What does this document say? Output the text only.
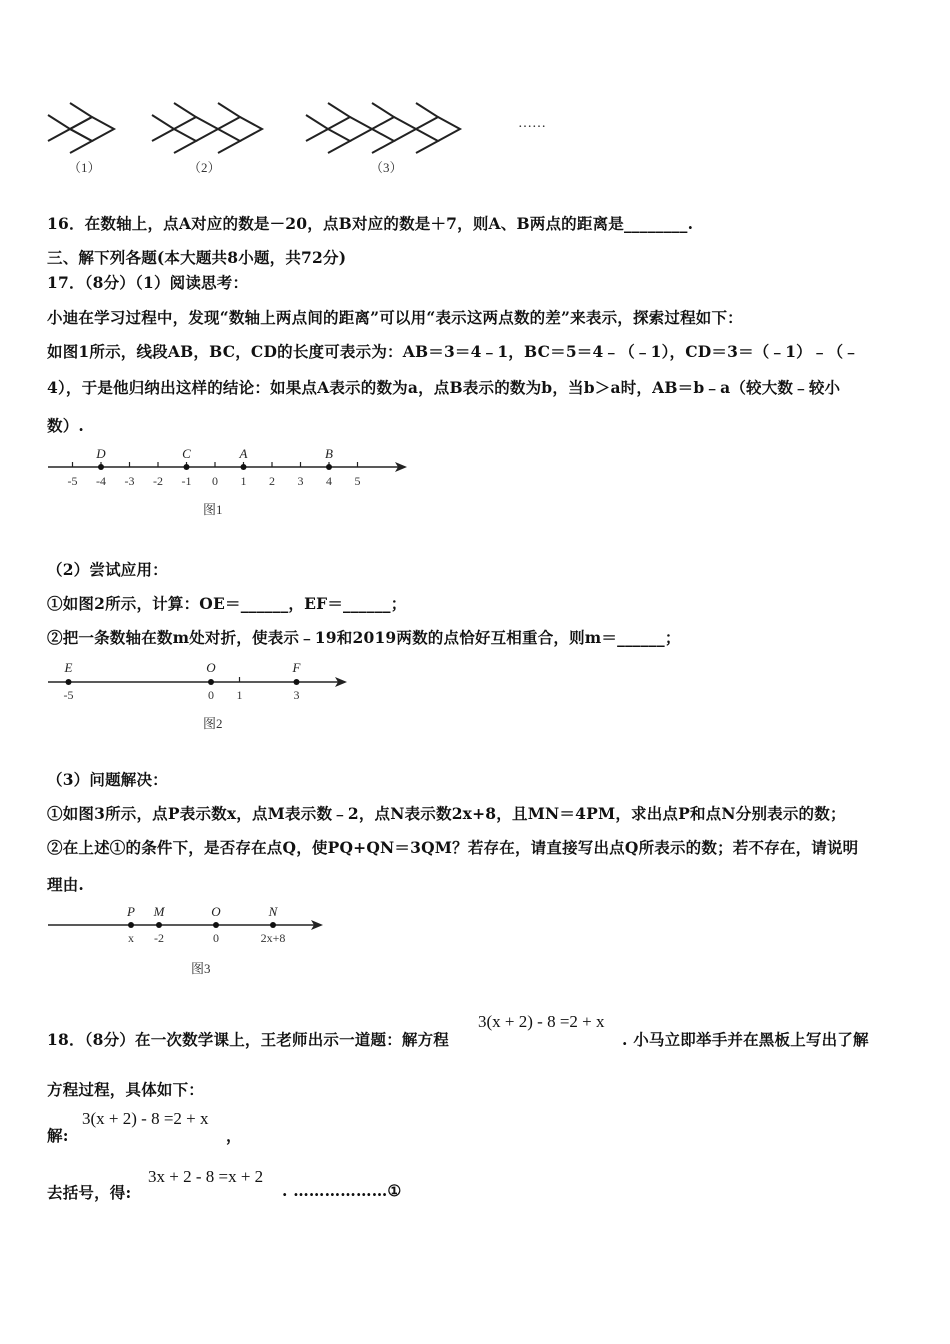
（1）	（2）	（3）
……
16．在数轴上，点A对应的数是－20，点B对应的数是＋7，则A、B两点的距离是________.
三、解下列各题(本大题共8小题，共72分)
17．（8分）（1）阅读思考：
小迪在学习过程中，发现“数轴上两点间的距离”可以用“表示这两点数的差”来表示，探索过程如下：
如图1所示，线段AB，BC，CD的长度可表示为：AB＝3＝4﹣1，BC＝5＝4﹣（﹣1），CD＝3＝（﹣1）﹣（﹣
4），于是他归纳出这样的结论：如果点A表示的数为a，点B表示的数为b，当b＞a时，AB＝b﹣a（较大数﹣较小
数）.
-5 -4 -3 -2 -1 0 1 2 3 4 5
D	C	A	B
图1
（2）尝试应用：
①如图2所示，计算：OE＝______，EF＝______；
②把一条数轴在数m处对折，使表示﹣19和2019两数的点恰好互相重合，则m＝______；
E	O	F
-5	0 1	3
图2
（3）问题解决：
①如图3所示，点P表示数x，点M表示数﹣2，点N表示数2x+8，且MN＝4PM，求出点P和点N分别表示的数；
②在上述①的条件下，是否存在点Q，使PQ+QN＝3QM？若存在，请直接写出点Q所表示的数；若不存在，请说明
理由.
P M	O	N
x -2	0	2x+8
图3
18．（8分）在一次数学课上，王老师出示一道题：解方程
3(x + 2) - 8 =2 + x
. 小马立即举手并在黑板上写出了解
方程过程，具体如下：
解:
3(x + 2) - 8 =2 + x
，
去括号，得:
3x + 2 - 8 =x + 2
. ………………①
